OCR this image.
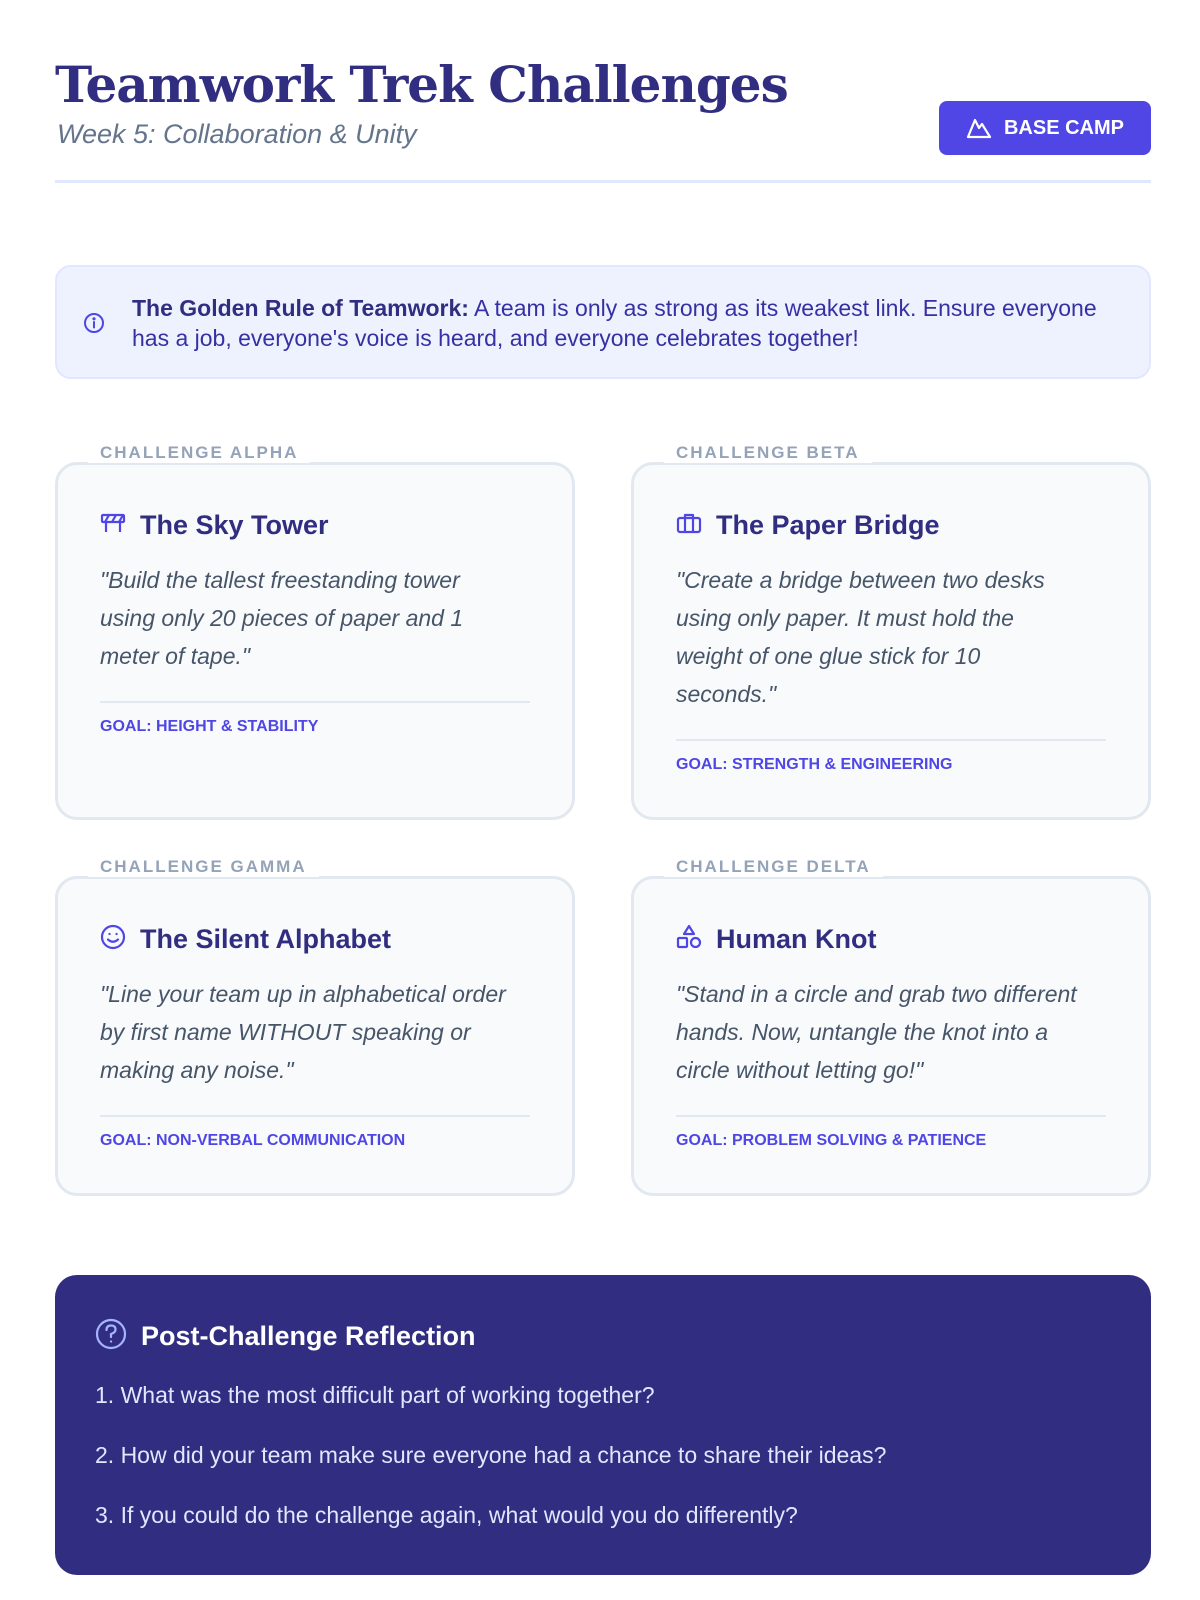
Teamwork Trek Challenges
Week 5: Collaboration & Unity	BASE CAMP

The Golden Rule of Teamwork: A team is only as strong as its weakest link. Ensure everyone has a job, everyone's voice is heard, and everyone celebrates together!

CHALLENGE ALPHA
The Sky Tower

"Build the tallest freestanding tower using only 20 pieces of paper and 1 meter of tape."

GOAL: HEIGHT & STABILITY
CHALLENGE BETA
The Paper Bridge

"Create a bridge between two desks using only paper. It must hold the weight of one glue stick for 10 seconds."

GOAL: STRENGTH & ENGINEERING
CHALLENGE GAMMA
The Silent Alphabet

"Line your team up in alphabetical order by first name WITHOUT speaking or making any noise."

GOAL: NON-VERBAL COMMUNICATION
CHALLENGE DELTA
Human Knot

"Stand in a circle and grab two different hands. Now, untangle the knot into a circle without letting go!"

GOAL: PROBLEM SOLVING & PATIENCE
Post-Challenge Reflection
1. What was the most difficult part of working together?
2. How did your team make sure everyone had a chance to share their ideas?
3. If you could do the challenge again, what would you do differently?
